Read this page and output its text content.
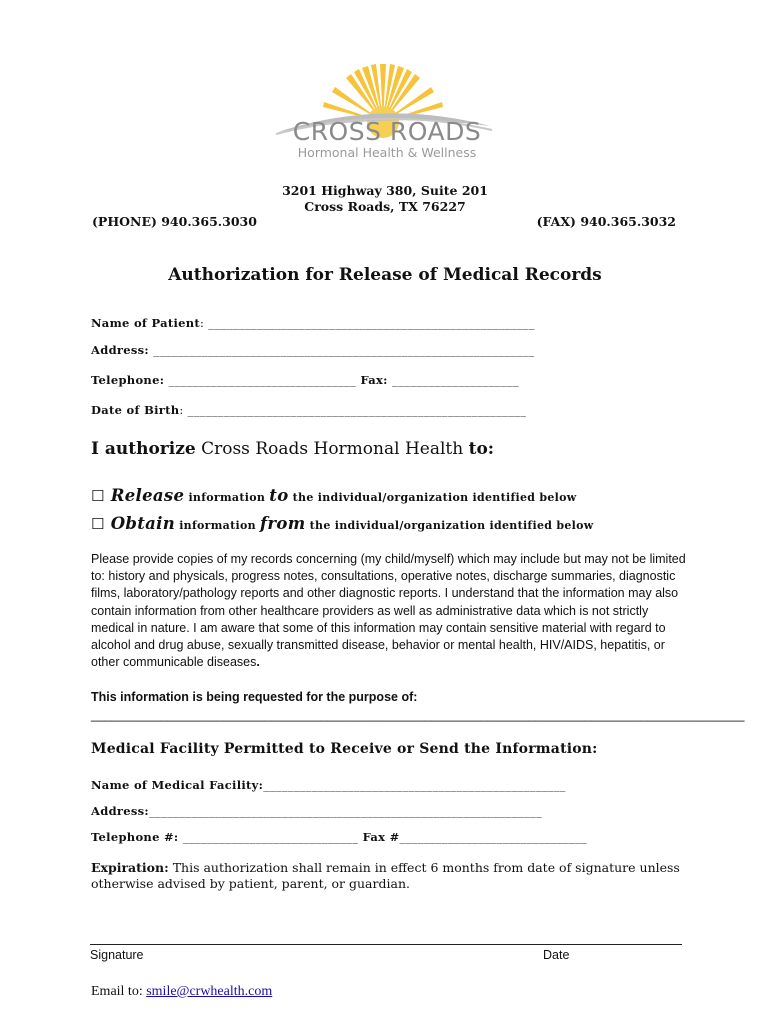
CROSS ROADS
Hormonal Health & Wellness
3201 Highway 380, Suite 201
Cross Roads, TX 76227
(PHONE) 940.365.3030	(FAX) 940.365.3032
Authorization for Release of Medical Records
Name of Patient: ______________________________________________________
Address: _______________________________________________________________
Telephone: _______________________________ Fax: _____________________
Date of Birth: ________________________________________________________
I authorize Cross Roads Hormonal Health to:
☐ Release information to the individual/organization identified below
☐ Obtain information from the individual/organization identified below
Please provide copies of my records concerning (my child/myself) which may include but may not be limited to: history and physicals, progress notes, consultations, operative notes, discharge summaries, diagnostic films, laboratory/pathology reports and other diagnostic reports. I understand that the information may also contain information from other healthcare providers as well as administrative data which is not strictly medical in nature. I am aware that some of this information may contain sensitive material with regard to alcohol and drug abuse, sexually transmitted disease, behavior or mental health, HIV/AIDS, hepatitis, or other communicable diseases.
This information is being requested for the purpose of:
______________________________________________________________________________________________
Medical Facility Permitted to Receive or Send the Information:
Name of Medical Facility:__________________________________________________
Address:_________________________________________________________________
Telephone #: _____________________________ Fax #_______________________________
Expiration: This authorization shall remain in effect 6 months from date of signature unless otherwise advised by patient, parent, or guardian.
Signature	Date
Email to: smile@crwhealth.com
